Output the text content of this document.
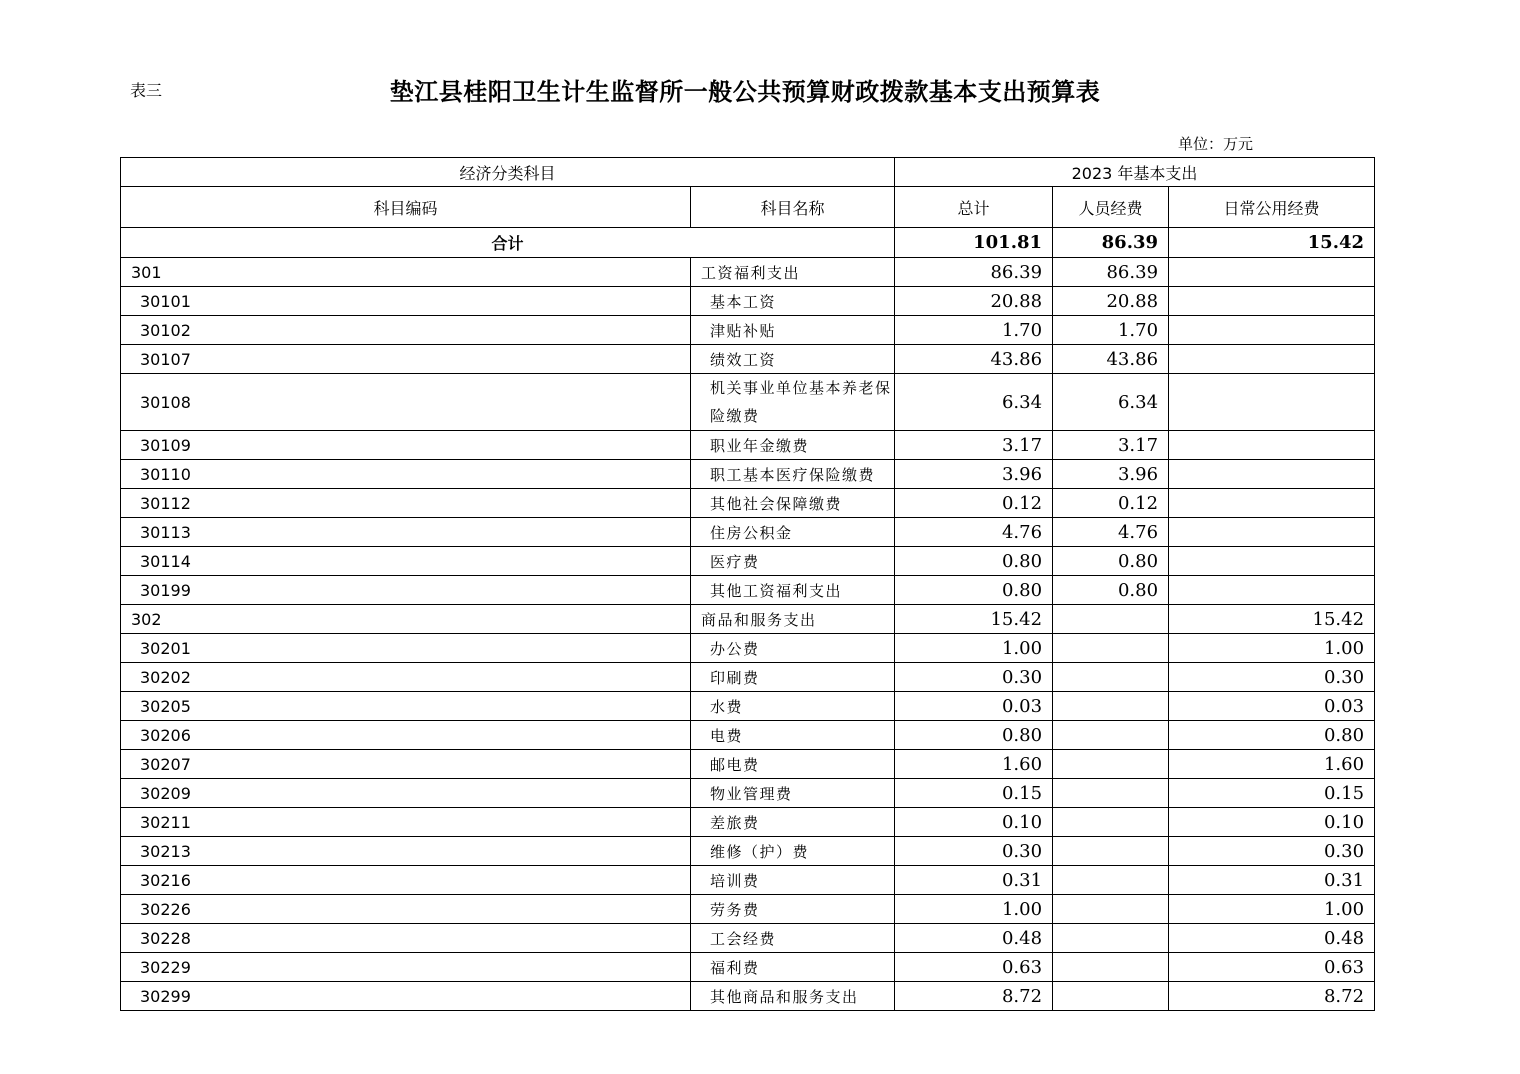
表三	垫江县桂阳卫生计生监督所一般公共预算财政拨款基本支出预算表
单位：万元
经济分类科目		2023 年基本支出		
科目编码	科目名称	总计	人员经费	日常公用经费
合计		101.81	86.39	15.42
301	工资福利支出	86.39	86.39	
30101	基本工资	20.88	20.88	
30102	津贴补贴	1.70	1.70	
30107	绩效工资	43.86	43.86	
30108	机关事业单位基本养老保险缴费	6.34	6.34	
30109	职业年金缴费	3.17	3.17	
30110	职工基本医疗保险缴费	3.96	3.96	
30112	其他社会保障缴费	0.12	0.12	
30113	住房公积金	4.76	4.76	
30114	医疗费	0.80	0.80	
30199	其他工资福利支出	0.80	0.80	
302	商品和服务支出	15.42		15.42
30201	办公费	1.00		1.00
30202	印刷费	0.30		0.30
30205	水费	0.03		0.03
30206	电费	0.80		0.80
30207	邮电费	1.60		1.60
30209	物业管理费	0.15		0.15
30211	差旅费	0.10		0.10
30213	维修（护）费	0.30		0.30
30216	培训费	0.31		0.31
30226	劳务费	1.00		1.00
30228	工会经费	0.48		0.48
30229	福利费	0.63		0.63
30299	其他商品和服务支出	8.72		8.72
